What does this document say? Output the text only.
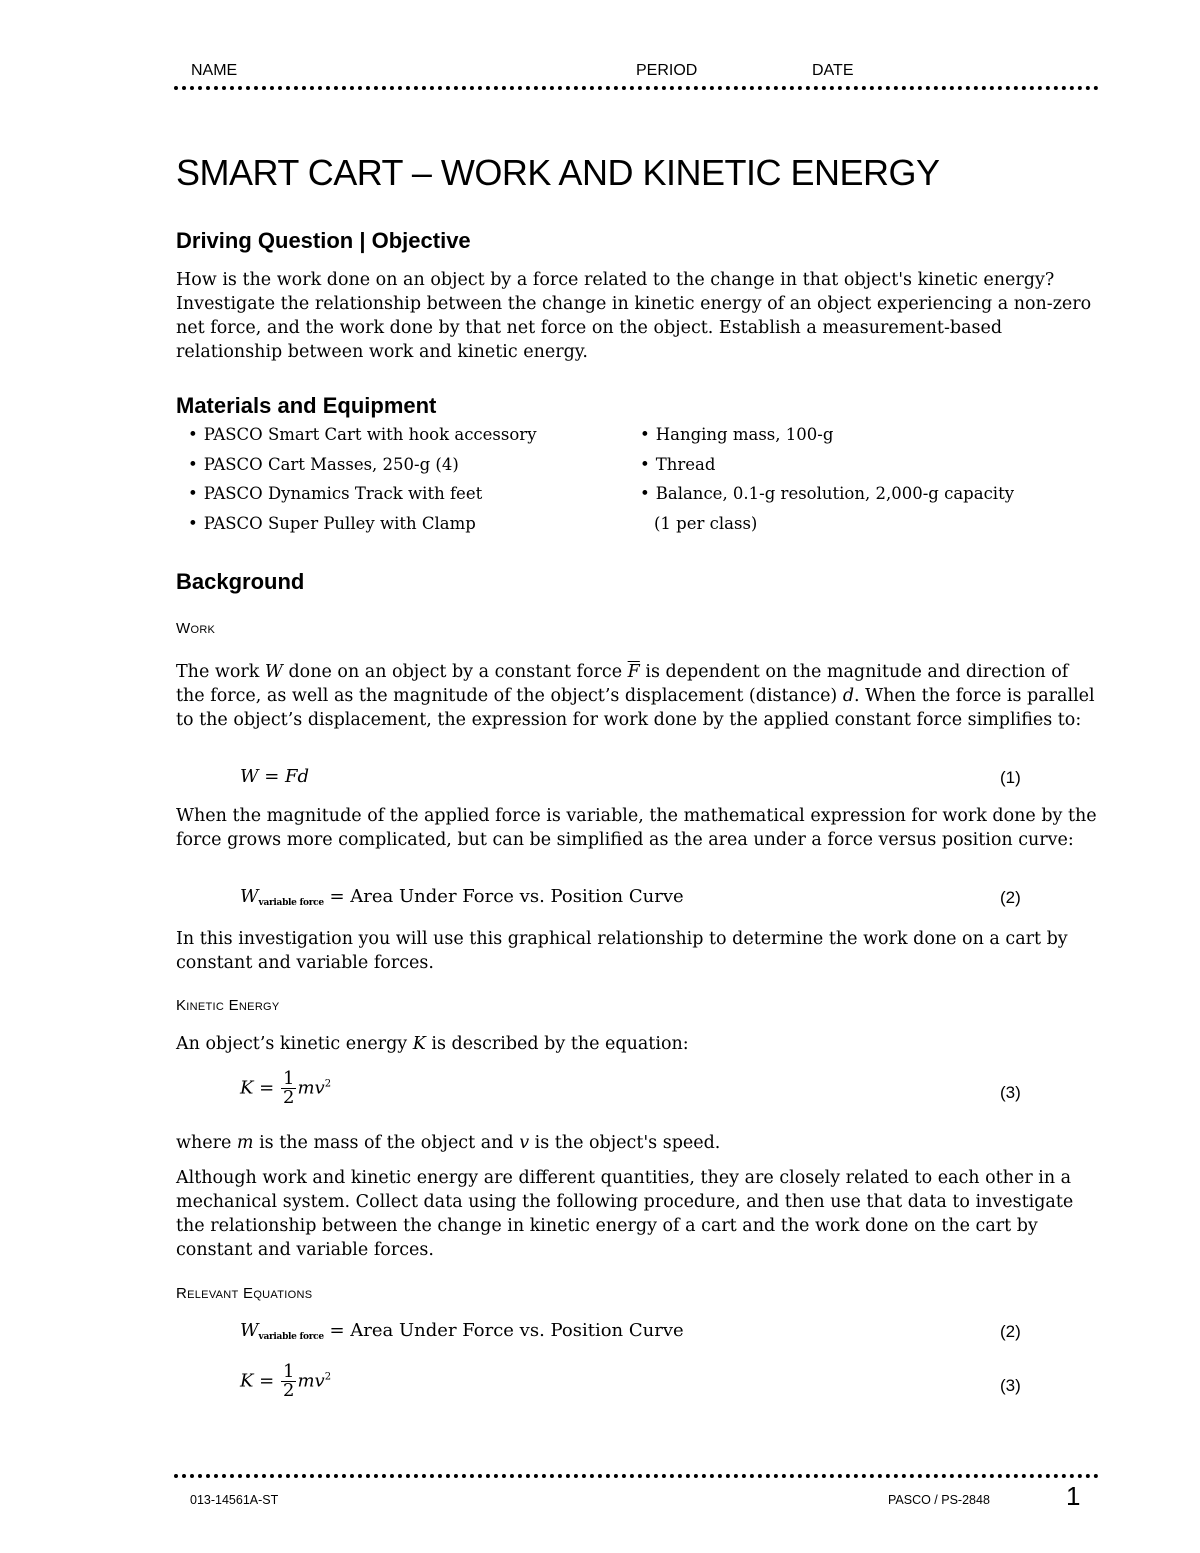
NAME	PERIOD	DATE
SMART CART – WORK AND KINETIC ENERGY
Driving Question | Objective
How is the work done on an object by a force related to the change in that object's kinetic energy? Investigate the relationship between the change in kinetic energy of an object experiencing a non-zero net force, and the work done by that net force on the object. Establish a measurement-based relationship between work and kinetic energy.
Materials and Equipment
• PASCO Smart Cart with hook accessory
• PASCO Cart Masses, 250-g (4)
• PASCO Dynamics Track with feet
• PASCO Super Pulley with Clamp
• Hanging mass, 100-g
• Thread
• Balance, 0.1-g resolution, 2,000-g capacity
(1 per class)
Background
Work
The work W done on an object by a constant force $\overline{F}$ is dependent on the magnitude and direction of the force, as well as the magnitude of the object’s displacement (distance) d. When the force is parallel to the object’s displacement, the expression for work done by the applied constant force simplifies to:
W = Fd	(1)
When the magnitude of the applied force is variable, the mathematical expression for work done by the force grows more complicated, but can be simplified as the area under a force versus position curve:
$W_{variable force}$ = Area Under Force vs. Position Curve	(2)
In this investigation you will use this graphical relationship to determine the work done on a cart by constant and variable forces.
Kinetic Energy
An object’s kinetic energy K is described by the equation:
$K = \frac{1}{2} mv^2$	(3)
where m is the mass of the object and v is the object's speed.
Although work and kinetic energy are different quantities, they are closely related to each other in a mechanical system. Collect data using the following procedure, and then use that data to investigate the relationship between the change in kinetic energy of a cart and the work done on the cart by constant and variable forces.
Relevant Equations
$W_{variable force}$ = Area Under Force vs. Position Curve	(2)
$K = \frac{1}{2} mv^2$	(3)
013-14561A-ST	PASCO / PS-2848	1
